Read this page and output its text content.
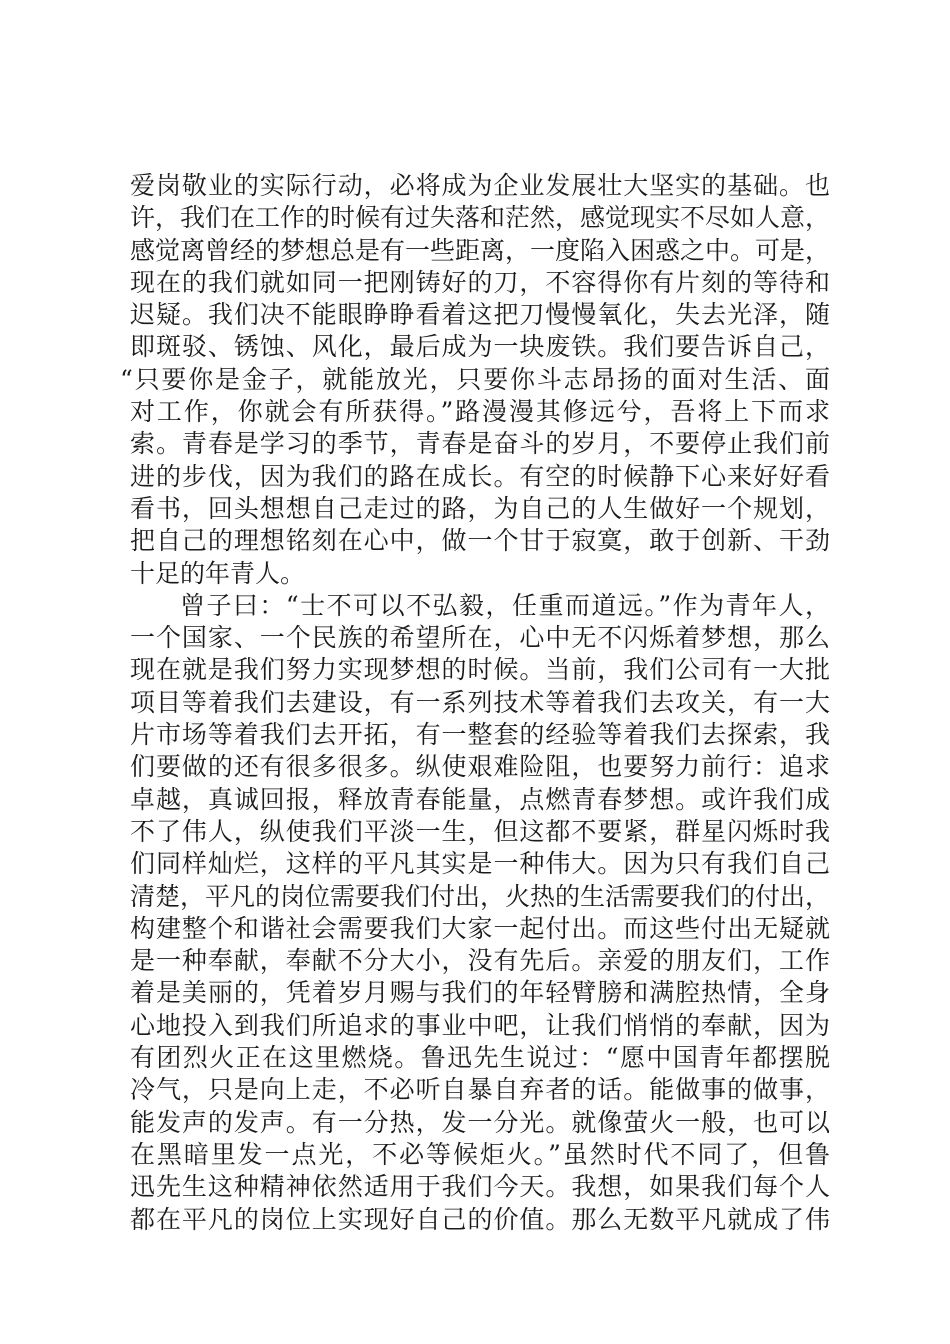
爱岗敬业的实际行动，必将成为企业发展壮大坚实的基础。也
许，我们在工作的时候有过失落和茫然，感觉现实不尽如人意，
感觉离曾经的梦想总是有一些距离，一度陷入困惑之中。可是，
现在的我们就如同一把刚铸好的刀，不容得你有片刻的等待和
迟疑。我们决不能眼睁睁看着这把刀慢慢氧化，失去光泽，随
即斑驳、锈蚀、风化，最后成为一块废铁。我们要告诉自己，
“只要你是金子，就能放光，只要你斗志昂扬的面对生活、面
对工作，你就会有所获得。”路漫漫其修远兮，吾将上下而求
索。青春是学习的季节，青春是奋斗的岁月，不要停止我们前
进的步伐，因为我们的路在成长。有空的时候静下心来好好看
看书，回头想想自己走过的路，为自己的人生做好一个规划，
把自己的理想铭刻在心中，做一个甘于寂寞，敢于创新、干劲
十足的年青人。
曾子曰：“士不可以不弘毅，任重而道远。”作为青年人，
一个国家、一个民族的希望所在，心中无不闪烁着梦想，那么
现在就是我们努力实现梦想的时候。当前，我们公司有一大批
项目等着我们去建设，有一系列技术等着我们去攻关，有一大
片市场等着我们去开拓，有一整套的经验等着我们去探索，我
们要做的还有很多很多。纵使艰难险阻，也要努力前行：追求
卓越，真诚回报，释放青春能量，点燃青春梦想。或许我们成
不了伟人，纵使我们平淡一生，但这都不要紧，群星闪烁时我
们同样灿烂，这样的平凡其实是一种伟大。因为只有我们自己
清楚，平凡的岗位需要我们付出，火热的生活需要我们的付出，
构建整个和谐社会需要我们大家一起付出。而这些付出无疑就
是一种奉献，奉献不分大小，没有先后。亲爱的朋友们，工作
着是美丽的，凭着岁月赐与我们的年轻臂膀和满腔热情，全身
心地投入到我们所追求的事业中吧，让我们悄悄的奉献，因为
有团烈火正在这里燃烧。鲁迅先生说过：“愿中国青年都摆脱
冷气，只是向上走，不必听自暴自弃者的话。能做事的做事，
能发声的发声。有一分热，发一分光。就像萤火一般，也可以
在黑暗里发一点光，不必等候炬火。”虽然时代不同了，但鲁
迅先生这种精神依然适用于我们今天。我想，如果我们每个人
都在平凡的岗位上实现好自己的价值。那么无数平凡就成了伟
